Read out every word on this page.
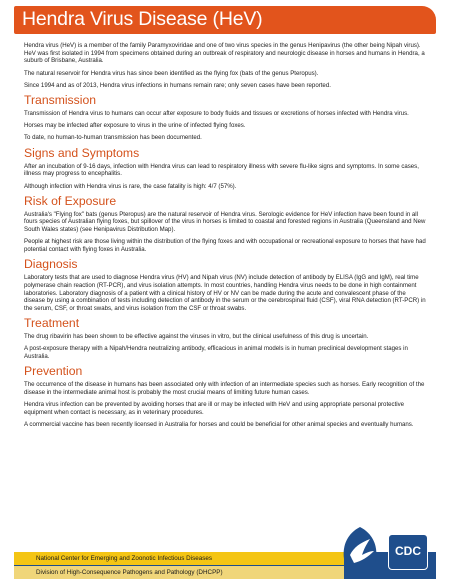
Hendra Virus Disease (HeV)

Hendra virus (HeV) is a member of the family Paramyxoviridae and one of two virus species in the genus Henipavirus (the other being Nipah virus). HeV was first isolated in 1994 from specimens obtained during an outbreak of respiratory and neurologic disease in horses and humans in Hendra, a suburb of Brisbane, Australia.

The natural reservoir for Hendra virus has since been identified as the flying fox (bats of the genus Pteropus).

Since 1994 and as of 2013, Hendra virus infections in humans remain rare; only seven cases have been reported.

Transmission

Transmission of Hendra virus to humans can occur after exposure to body fluids and tissues or excretions of horses infected with Hendra virus.

Horses may be infected after exposure to virus in the urine of infected flying foxes.

To date, no human-to-human transmission has been documented.

Signs and Symptoms

After an incubation of 9-16 days, infection with Hendra virus can lead to respiratory illness with severe flu-like signs and symptoms. In some cases, illness may progress to encephalitis.

Although infection with Hendra virus is rare, the case fatality is high: 4/7 (57%).

Risk of Exposure

Australia's "Flying fox" bats (genus Pteropus) are the natural reservoir of Hendra virus. Serologic evidence for HeV infection have been found in all fours species of Australian flying foxes, but spillover of the virus in horses is limited to coastal and forested regions in Australia (Queensland and New South Wales states) (see Henipavirus Distribution Map).

People at highest risk are those living within the distribution of the flying foxes and with occupational or recreational exposure to horses that have had potential contact with flying foxes in Australia.

Diagnosis

Laboratory tests that are used to diagnose Hendra virus (HV) and Nipah virus (NV) include detection of antibody by ELISA (IgG and IgM), real time polymerase chain reaction (RT-PCR), and virus isolation attempts. In most countries, handling Hendra virus needs to be done in high containment laboratories. Laboratory diagnosis of a patient with a clinical history of HV or NV can be made during the acute and convalescent phase of the disease by using a combination of tests including detection of antibody in the serum or the cerebrospinal fluid (CSF), viral RNA detection (RT-PCR) in the serum, CSF, or throat swabs, and virus isolation from the CSF or throat swabs.

Treatment

The drug ribavirin has been shown to be effective against the viruses in vitro, but the clinical usefulness of this drug is uncertain.

A post-exposure therapy with a Nipah/Hendra neutralizing antibody, efficacious in animal models is in human preclinical development stages in Australia.

Prevention

The occurrence of the disease in humans has been associated only with infection of an intermediate species such as horses. Early recognition of the disease in the intermediate animal host is probably the most crucial means of limiting future human cases.

Hendra virus infection can be prevented by avoiding horses that are ill or may be infected with HeV and using appropriate personal protective equipment when contact is necessary, as in veterinary procedures.

A commercial vaccine has been recently licensed in Australia for horses and could be beneficial for other animal species and eventually humans.

National Center for Emerging and Zoonotic Infectious Diseases
Division of High-Consequence Pathogens and Pathology (DHCPP)
CDC
